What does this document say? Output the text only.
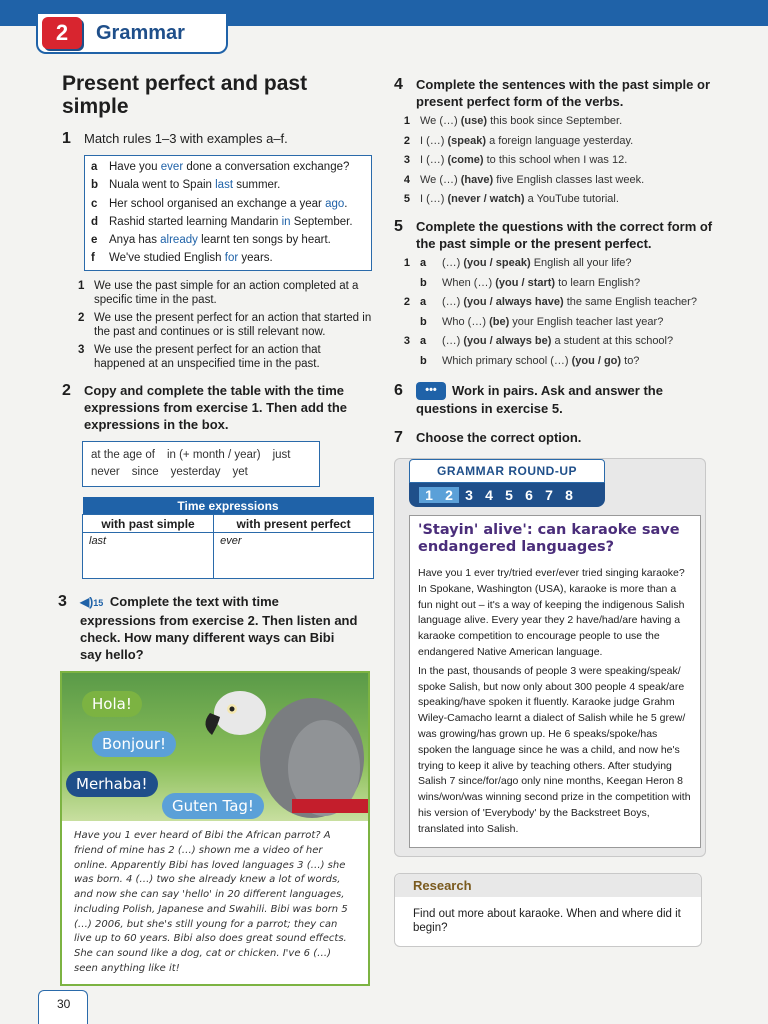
2	Grammar
Present perfect and past simple
1	Match rules 1–3 with examples a–f.
a	Have you ever done a conversation exchange?
b Nuala went to Spain last summer.
c	Her school organised an exchange a year ago.
d Rashid started learning Mandarin in September.
e	Anya has already learnt ten songs by heart.
f	We've studied English for years.
1 We use the past simple for an action completed at a specific time in the past.
2 We use the present perfect for an action that started in the past and continues or is still relevant now.
3 We use the present perfect for an action that happened at an unspecified time in the past.
2	Copy and complete the table with the time expressions from exercise 1. Then add the expressions in the box.
at the age of in (+ month / year) just
never since yesterday yet
Time expressions	
with past simple	with present perfect
last	ever
3	◀)15 Complete the text with time expressions from exercise 2. Then listen and check. How many different ways can Bibi say hello?
Hola!
Bonjour!
Merhaba!
Guten Tag!
Have you 1 ever heard of Bibi the African parrot? A friend of mine has 2 (…) shown me a video of her online. Apparently Bibi has loved languages 3 (…) she was born. 4 (…) two she already knew a lot of words, and now she can say 'hello' in 20 different languages, including Polish, Japanese and Swahili. Bibi was born 5 (…) 2006, but she's still young for a parrot; they can live up to 60 years. Bibi also does great sound effects. She can sound like a dog, cat or chicken. I've 6 (…) seen anything like it!
4	Complete the sentences with the past simple or present perfect form of the verbs.
1 We (…) (use) this book since September.
2 I (…) (speak) a foreign language yesterday.
3 I (…) (come) to this school when I was 12.
4 We (…) (have) five English classes last week.
5 I (…) (never / watch) a YouTube tutorial.
5	Complete the questions with the correct form of the past simple or the present perfect.
1 a	(…) (you / speak) English all your life?
b	When (…) (you / start) to learn English?
2 a	(…) (you / always have) the same English teacher?
b	Who (…) (be) your English teacher last year?
3 a	(…) (you / always be) a student at this school?
b	Which primary school (…) (you / go) to?
6	••• Work in pairs. Ask and answer the questions in exercise 5.
7	Choose the correct option.
GRAMMAR ROUND-UP
1 2 3 4 5 6 7 8
'Stayin' alive': can karaoke save endangered languages?
Have you 1 ever try/tried ever/ever tried singing karaoke? In Spokane, Washington (USA), karaoke is more than a fun night out – it's a way of keeping the indigenous Salish language alive. Every year they 2 have/had/are having a karaoke competition to encourage people to use the endangered Native American language.
In the past, thousands of people 3 were speaking/speak/ spoke Salish, but now only about 300 people 4 speak/are speaking/have spoken it fluently. Karaoke judge Grahm Wiley-Camacho learnt a dialect of Salish while he 5 grew/ was growing/has grown up. He 6 speaks/spoke/has spoken the language since he was a child, and now he's trying to keep it alive by teaching others. After studying Salish 7 since/for/ago only nine months, Keegan Heron 8 wins/won/was winning second prize in the competition with his version of 'Everybody' by the Backstreet Boys, translated into Salish.
Research
Find out more about karaoke. When and where did it begin?
30
